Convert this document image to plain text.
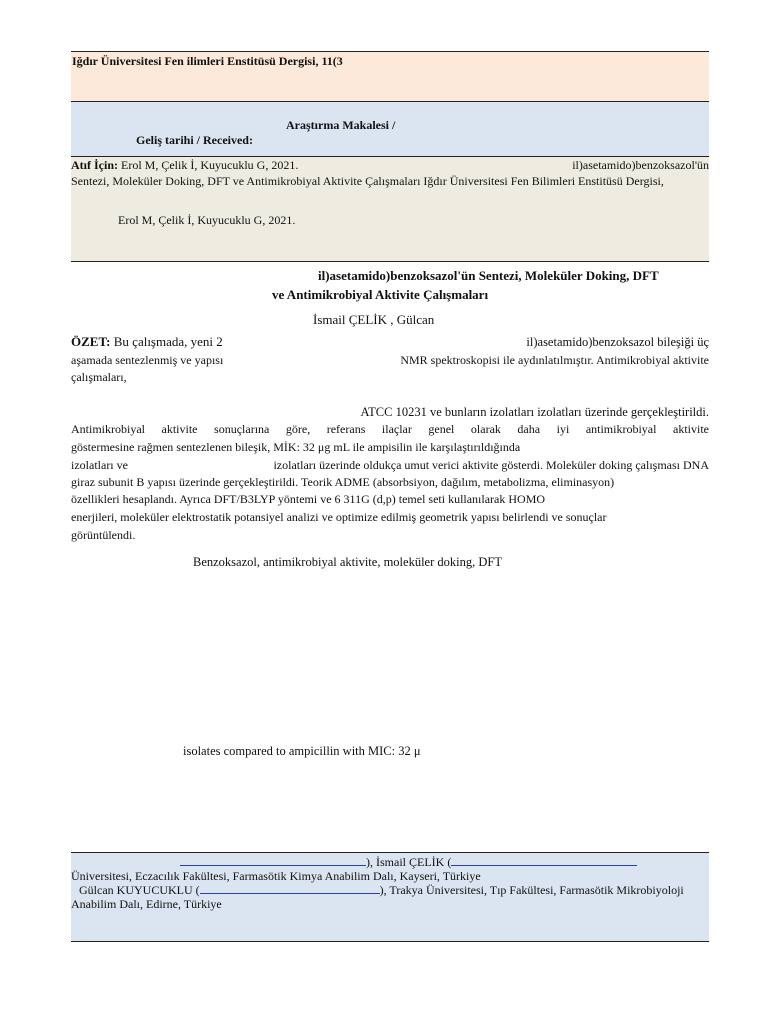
Iğdır Üniversitesi Fen ilimleri Enstitüsü Dergisi, 11(3
Araştırma Makalesi /
Geliş tarihi / Received:
Atıf İçin: Erol M, Çelik İ, Kuyucuklu G, 2021.	il)asetamido)benzoksazol'ün
Sentezi, Moleküler Doking, DFT ve Antimikrobiyal Aktivite Çalışmaları Iğdır Üniversitesi Fen Bilimleri Enstitüsü Dergisi,
Erol M, Çelik İ, Kuyucuklu G, 2021.
il)asetamido)benzoksazol'ün Sentezi, Moleküler Doking, DFT
ve Antimikrobiyal Aktivite Çalışmaları
İsmail ÇELİK , Gülcan
ÖZET: Bu çalışmada, yeni 2	il)asetamido)benzoksazol bileşiği üç
aşamada sentezlenmiş ve yapısı	NMR spektroskopisi ile aydınlatılmıştır. Antimikrobiyal aktivite
çalışmaları,
ATCC 10231 ve bunların izolatları izolatları üzerinde gerçekleştirildi.
Antimikrobiyal aktivite sonuçlarına göre, referans ilaçlar genel olarak daha iyi antimikrobiyal aktivite
göstermesine rağmen sentezlenen bileşik, MİK: 32 μg mL ile ampisilin ile karşılaştırıldığında
izolatları ve	izolatları üzerinde oldukça umut verici aktivite gösterdi. Moleküler doking çalışması DNA
giraz subunit B yapısı üzerinde gerçekleştirildi. Teorik ADME (absorbsiyon, dağılım, metabolizma, eliminasyon)
özellikleri hesaplandı. Ayrıca DFT/B3LYP yöntemi ve 6 311G (d,p) temel seti kullanılarak HOMO
enerjileri, moleküler elektrostatik potansiyel analizi ve optimize edilmiş geometrik yapısı belirlendi ve sonuçlar
görüntülendi.
Benzoksazol, antimikrobiyal aktivite, moleküler doking, DFT
isolates compared to ampicillin with MIC: 32 μ
), İsmail ÇELİK (
Üniversitesi, Eczacılık Fakültesi, Farmasötik Kimya Anabilim Dalı, Kayseri, Türkiye
Gülcan KUYUCUKLU (	), Trakya Üniversitesi, Tıp Fakültesi, Farmasötik Mikrobiyoloji
Anabilim Dalı, Edirne, Türkiye
